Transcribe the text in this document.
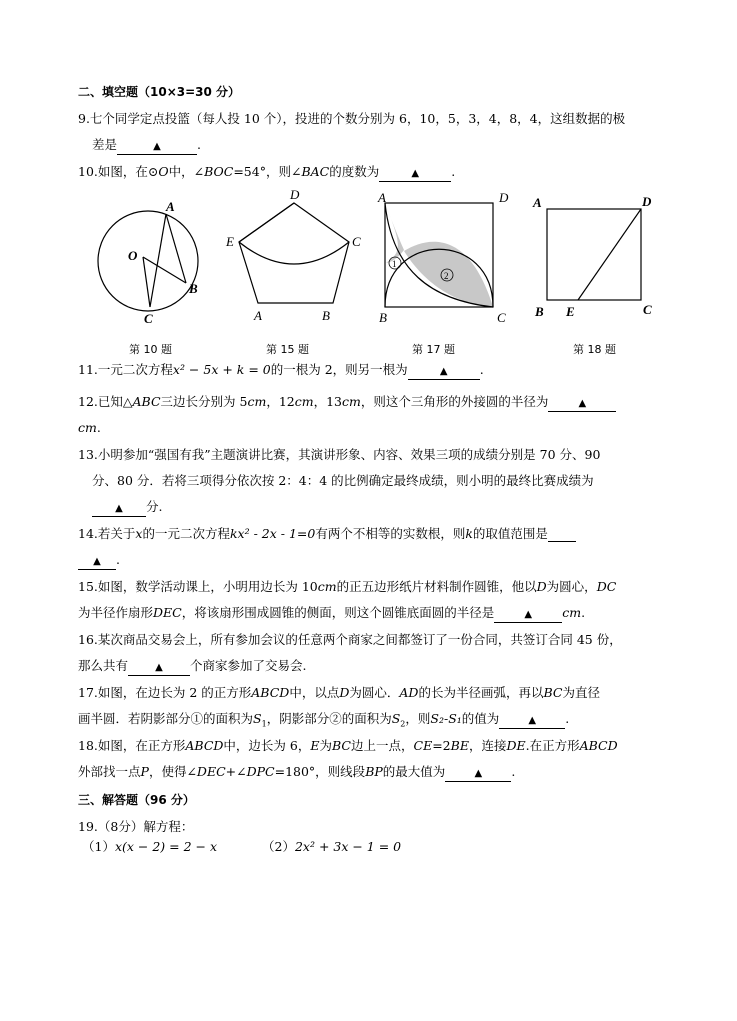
二、填空题（10×3=30 分）
9.七个同学定点投篮（每人投 10 个），投进的个数分别为 6，10，5，3，4，8，4，这组数据的极
差是	▲	.
10.如图，在⊙O中，∠BOC=54°，则∠BAC的度数为	▲	.
A
O
B
C
D
E	C
A	B
1
2
A	D
B	C
A	D
B E	C
第 10 题	第 15 题	第 17 题	第 18 题
11.一元二次方程x² − 5x + k = 0的一根为 2，则另一根为	▲	.
12.已知△ABC三边长分别为 5cm，12cm，13cm，则这个三角形的外接圆的半径为	▲
cm.
13.小明参加“强国有我”主题演讲比赛，其演讲形象、内容、效果三项的成绩分别是 70 分、90
分、80 分．若将三项得分依次按 2：4：4 的比例确定最终成绩，则小明的最终比赛成绩为
▲ 分.
14.若关于x的一元二次方程kx² - 2x - 1=0有两个不相等的实数根，则k的取值范围是
▲ .
15.如图，数学活动课上，小明用边长为 10cm的正五边形纸片材料制作圆锥，他以D为圆心，DC
为半径作扇形DEC，将该扇形围成圆锥的侧面，则这个圆锥底面圆的半径是	▲ cm.
16.某次商品交易会上，所有参加会议的任意两个商家之间都签订了一份合同，共签订合同 45 份，
那么共有	▲ 个商家参加了交易会.
17.如图，在边长为 2 的正方形ABCD中，以点D为圆心．AD的长为半径画弧，再以BC为直径
画半圆．若阴影部分①的面积为$S_1$，阴影部分②的面积为$S_2$，则S₂-S₁的值为	▲ .
18.如图，在正方形ABCD中，边长为 6，E为BC边上一点，CE=2BE，连接DE.在正方形ABCD
外部找一点P，使得∠DEC+∠DPC=180°，则线段BP的最大值为	▲ .
三、解答题（96 分）
19.（8分）解方程：
（1）x(x − 2) = 2 − x	（2）2x² + 3x − 1 = 0
